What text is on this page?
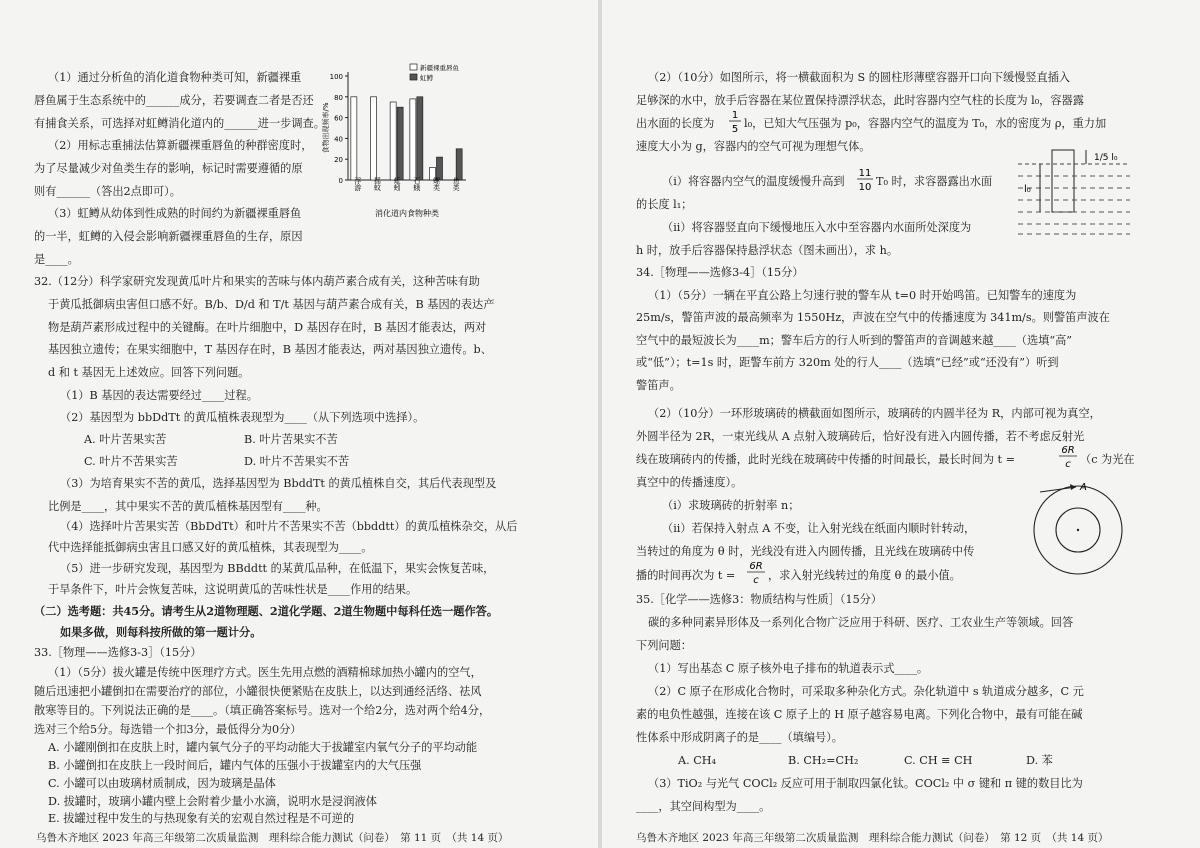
（1）通过分析鱼的消化道食物种类可知，新疆裸重
唇鱼属于生态系统中的______成分，若要调查二者是否还
有捕食关系，可选择对虹鳟消化道内的______进一步调查。
（2）用标志重捕法估算新疆裸重唇鱼的种群密度时，
为了尽量减少对鱼类生存的影响，标记时需要遵循的原
则有______（答出2点即可）。
（3）虹鳟从幼体到性成熟的时间约为新疆裸重唇鱼
的一半，虹鳟的入侵会影响新疆裸重唇鱼的生存，原因
是____。
0
20
40
60
80
100
食物出现频率/%
浮游 摇蚊 蚯蚓 石蛾 螺类 鱼类
消化道内食物种类
新疆裸重唇鱼
虹鳟
32.（12分）科学家研究发现黄瓜叶片和果实的苦味与体内葫芦素合成有关，这种苦味有助
于黄瓜抵御病虫害但口感不好。B/b、D/d 和 T/t 基因与葫芦素合成有关，B 基因的表达产
物是葫芦素形成过程中的关键酶。在叶片细胞中，D 基因存在时，B 基因才能表达，两对
基因独立遗传；在果实细胞中，T 基因存在时，B 基因才能表达，两对基因独立遗传。b、
d 和 t 基因无上述效应。回答下列问题。
（1）B 基因的表达需要经过____过程。
（2）基因型为 bbDdTt 的黄瓜植株表现型为____（从下列选项中选择）。
A. 叶片苦果实苦	B. 叶片苦果实不苦
C. 叶片不苦果实苦	D. 叶片不苦果实不苦
（3）为培育果实不苦的黄瓜，选择基因型为 BbddTt 的黄瓜植株自交，其后代表现型及
比例是____，其中果实不苦的黄瓜植株基因型有____种。
（4）选择叶片苦果实苦（BbDdTt）和叶片不苦果实不苦（bbddtt）的黄瓜植株杂交，从后
代中选择能抵御病虫害且口感又好的黄瓜植株，其表现型为____。
（5）进一步研究发现，基因型为 BBddtt 的某黄瓜品种，在低温下，果实会恢复苦味，
于旱条件下，叶片会恢复苦味，这说明黄瓜的苦味性状是____作用的结果。
（二）选考题：共45分。请考生从2道物理题、2道化学题、2道生物题中每科任选一题作答。
如果多做，则每科按所做的第一题计分。
33.［物理——选修3-3］（15分）
（1）（5分）拔火罐是传统中医理疗方式。医生先用点燃的酒精棉球加热小罐内的空气，
随后迅速把小罐倒扣在需要治疗的部位，小罐很快便紧贴在皮肤上，以达到通经活络、祛风
散寒等目的。下列说法正确的是____。（填正确答案标号。选对一个给2分，选对两个给4分，
选对三个给5分。每选错一个扣3分，最低得分为0分）
A. 小罐刚倒扣在皮肤上时，罐内氧气分子的平均动能大于拔罐室内氧气分子的平均动能
B. 小罐倒扣在皮肤上一段时间后，罐内气体的压强小于拔罐室内的大气压强
C. 小罐可以由玻璃材质制成，因为玻璃是晶体
D. 拔罐时，玻璃小罐内壁上会附着少量小水滴，说明水是浸润液体
E. 拔罐过程中发生的与热现象有关的宏观自然过程是不可逆的
（2）（10分）如图所示，将一横截面积为 S 的圆柱形薄壁容器开口向下缓慢竖直插入
足够深的水中，放手后容器在某位置保持漂浮状态，此时容器内空气柱的长度为 l₀，容器露
出水面的长度为
1
5 l₀，已知大气压强为 p₀，容器内空气的温度为 T₀，水的密度为 ρ，重力加
速度大小为 g，容器内的空气可视为理想气体。
（i）将容器内空气的温度缓慢升高到
11
10 T₀ 时，求容器露出水面
的长度 l₁；
（ii）将容器竖直向下缓慢地压入水中至容器内水面所处深度为
h 时，放手后容器保持悬浮状态（图未画出），求 h。
l₀
1/5 l₀
34.［物理——选修3-4］（15分）
（1）（5分）一辆在平直公路上匀速行驶的警车从 t=0 时开始鸣笛。已知警车的速度为
25m/s，警笛声波的最高频率为 1550Hz，声波在空气中的传播速度为 341m/s。则警笛声波在
空气中的最短波长为____m；警车后方的行人听到的警笛声的音调越来越____（选填“高”
或“低”）；t=1s 时，距警车前方 320m 处的行人____（选填“已经”或“还没有”）听到
警笛声。
（2）（10分）一环形玻璃砖的横截面如图所示，玻璃砖的内圆半径为 R，内部可视为真空，
外圆半径为 2R，一束光线从 A 点射入玻璃砖后，恰好没有进入内圆传播，若不考虑反射光
线在玻璃砖内的传播，此时光线在玻璃砖中传播的时间最长，最长时间为 t =
6R
c （c 为光在
真空中的传播速度）。
（i）求玻璃砖的折射率 n；
（ii）若保持入射点 A 不变，让入射光线在纸面内顺时针转动，
当转过的角度为 θ 时，光线没有进入内圆传播，且光线在玻璃砖中传
播的时间再次为 t =
6R
c ，求入射光线转过的角度 θ 的最小值。
A
35.［化学——选修3：物质结构与性质］（15分）
碳的多种同素异形体及一系列化合物广泛应用于科研、医疗、工农业生产等领域。回答
下列问题：
（1）写出基态 C 原子核外电子排布的轨道表示式____。
（2）C 原子在形成化合物时，可采取多种杂化方式。杂化轨道中 s 轨道成分越多，C 元
素的电负性越强，连接在该 C 原子上的 H 原子越容易电离。下列化合物中，最有可能在碱
性体系中形成阴离子的是____（填编号）。
A. CH₄	B. CH₂=CH₂	C. CH ≡ CH	D. 苯
（3）TiO₂ 与光气 COCl₂ 反应可用于制取四氯化钛。COCl₂ 中 σ 键和 π 键的数目比为
____，其空间构型为____。
乌鲁木齐地区 2023 年高三年级第二次质量监测　理科综合能力测试（问卷）　第 11 页　（共 14 页）	乌鲁木齐地区 2023 年高三年级第二次质量监测　理科综合能力测试（问卷）　第 12 页　（共 14 页）
